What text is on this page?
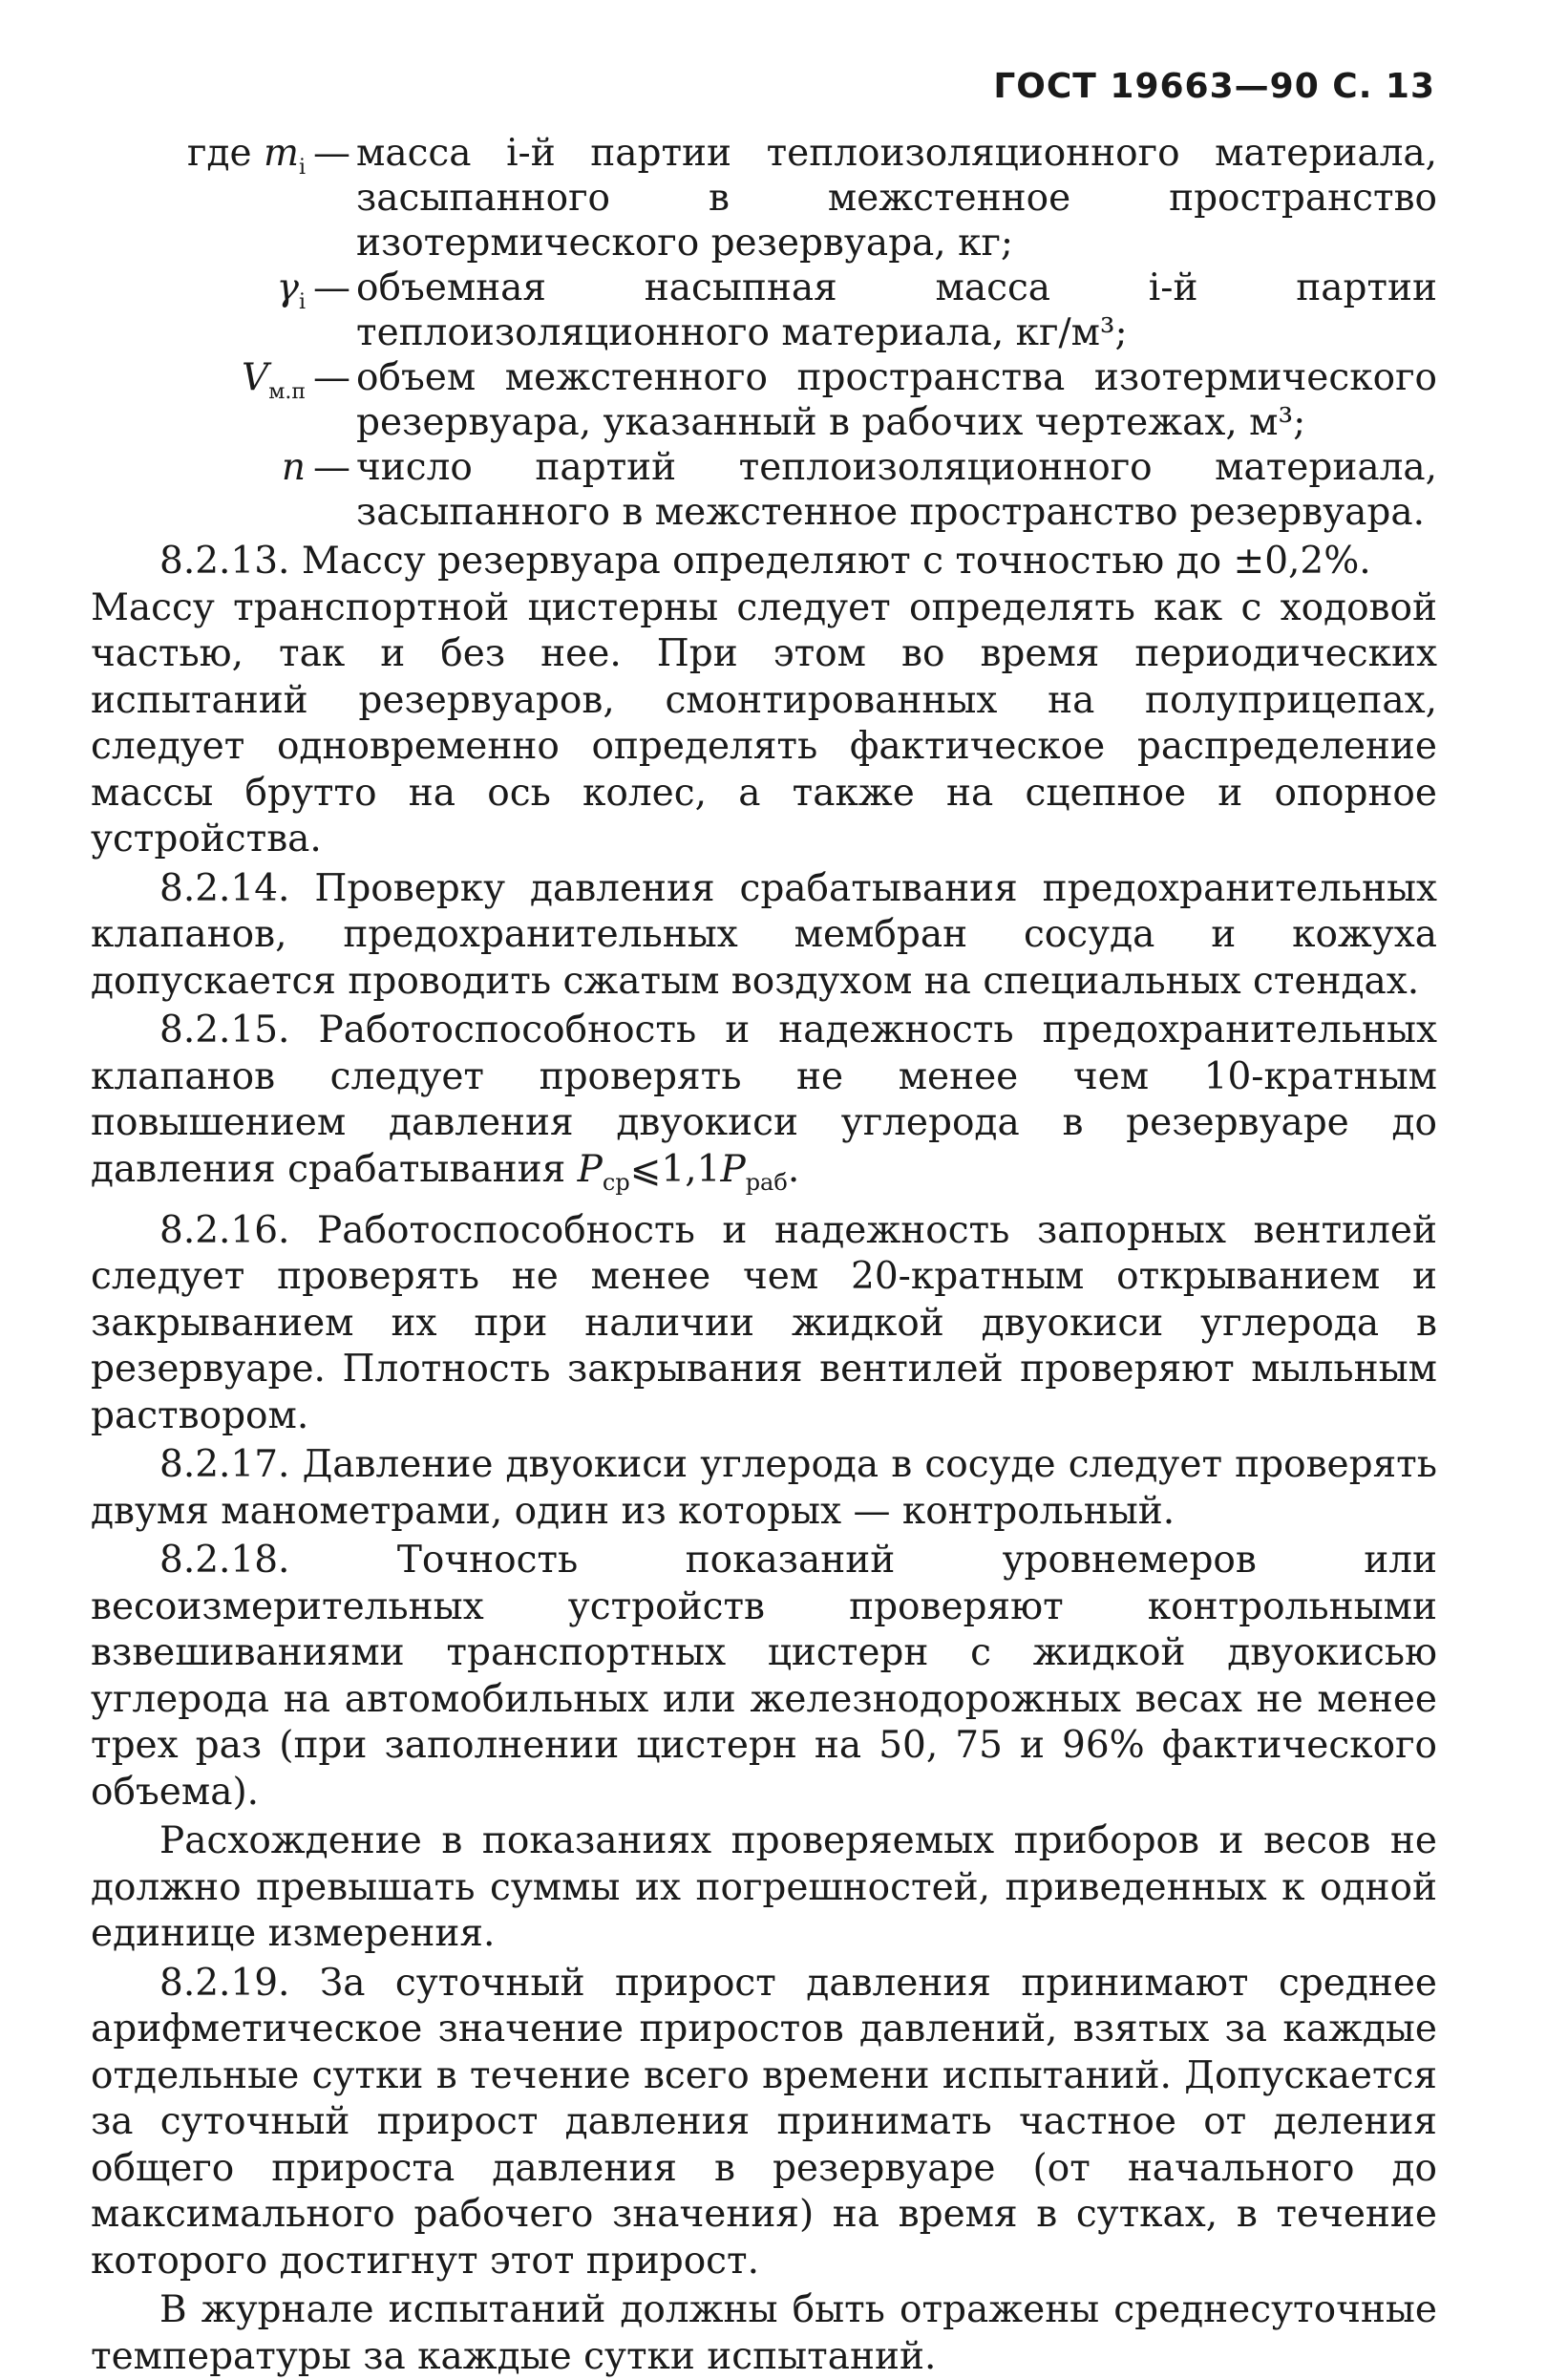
ГОСТ 19663—90 С. 13
где $m_i$ — масса i-й партии теплоизоляционного материала, засыпанного в межстенное пространство изотермического резервуара, кг;
$\gamma_i$ — объемная насыпная масса i-й партии теплоизоляционного материала, кг/м³;
$V_{м.п}$ — объем межстенного пространства изотермического резервуара, указанный в рабочих чертежах, м³;
n — число партий теплоизоляционного материала, засыпанного в межстенное пространство резервуара.

8.2.13. Массу резервуара определяют с точностью до ±0,2%.

Массу транспортной цистерны следует определять как с ходовой частью, так и без нее. При этом во время периодических испытаний резервуаров, смонтированных на полуприцепах, следует одновременно определять фактическое распределение массы брутто на ось колес, а также на сцепное и опорное устройства.

8.2.14. Проверку давления срабатывания предохранительных клапанов, предохранительных мембран сосуда и кожуха допускается проводить сжатым воздухом на специальных стендах.

8.2.15. Работоспособность и надежность предохранительных клапанов следует проверять не менее чем 10-кратным повышением давления двуокиси углерода в резервуаре до давления срабатывания $P_{ср}⩽1,1P_{раб}$.

8.2.16. Работоспособность и надежность запорных вентилей следует проверять не менее чем 20-кратным открыванием и закрыванием их при наличии жидкой двуокиси углерода в резервуаре. Плотность закрывания вентилей проверяют мыльным раствором.

8.2.17. Давление двуокиси углерода в сосуде следует проверять двумя манометрами, один из которых — контрольный.

8.2.18. Точность показаний уровнемеров или весоизмерительных устройств проверяют контрольными взвешиваниями транспортных цистерн с жидкой двуокисью углерода на автомобильных или железнодорожных весах не менее трех раз (при заполнении цистерн на 50, 75 и 96% фактического объема).

Расхождение в показаниях проверяемых приборов и весов не должно превышать суммы их погрешностей, приведенных к одной единице измерения.

8.2.19. За суточный прирост давления принимают среднее арифметическое значение приростов давлений, взятых за каждые отдельные сутки в течение всего времени испытаний. Допускается за суточный прирост давления принимать частное от деления общего прироста давления в резервуаре (от начального до максимального рабочего значения) на время в сутках, в течение которого достигнут этот прирост.

В журнале испытаний должны быть отражены среднесуточные температуры за каждые сутки испытаний.
